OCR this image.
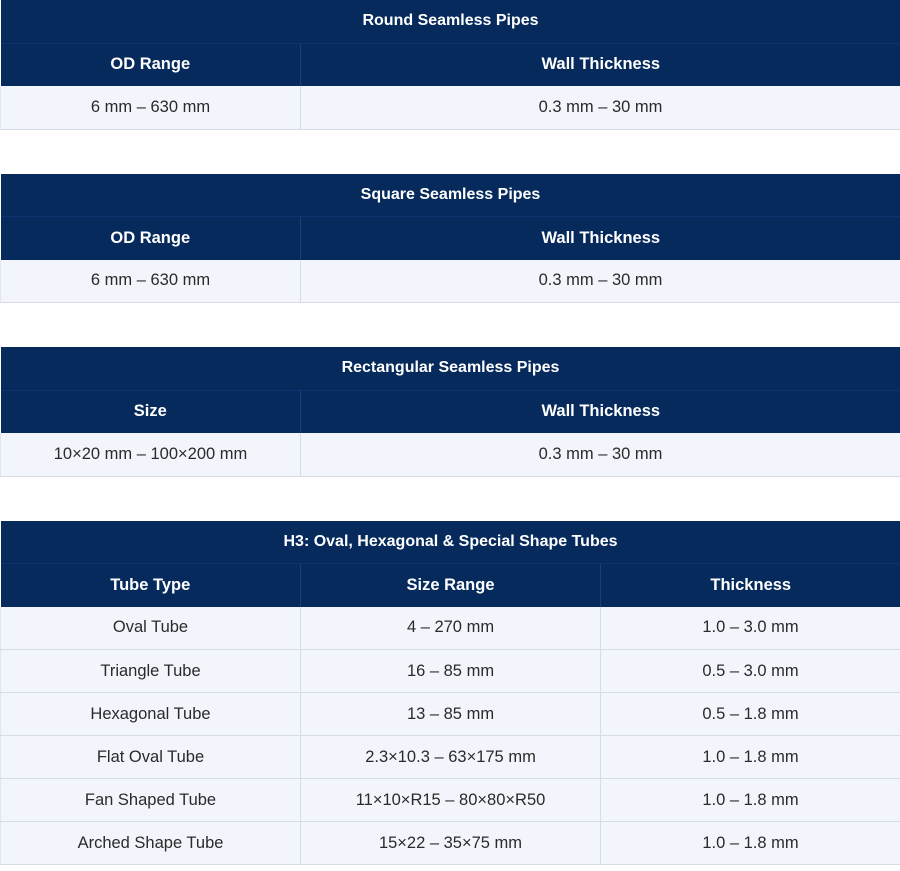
Round Seamless Pipes	
OD Range	Wall Thickness
6 mm – 630 mm	0.3 mm – 30 mm
Square Seamless Pipes	
OD Range	Wall Thickness
6 mm – 630 mm	0.3 mm – 30 mm
Rectangular Seamless Pipes	
Size	Wall Thickness
10×20 mm – 100×200 mm	0.3 mm – 30 mm
H3: Oval, Hexagonal & Special Shape Tubes		
Tube Type	Size Range	Thickness
Oval Tube	4 – 270 mm	1.0 – 3.0 mm
Triangle Tube	16 – 85 mm	0.5 – 3.0 mm
Hexagonal Tube	13 – 85 mm	0.5 – 1.8 mm
Flat Oval Tube	2.3×10.3 – 63×175 mm	1.0 – 1.8 mm
Fan Shaped Tube	11×10×R15 – 80×80×R50	1.0 – 1.8 mm
Arched Shape Tube	15×22 – 35×75 mm	1.0 – 1.8 mm
